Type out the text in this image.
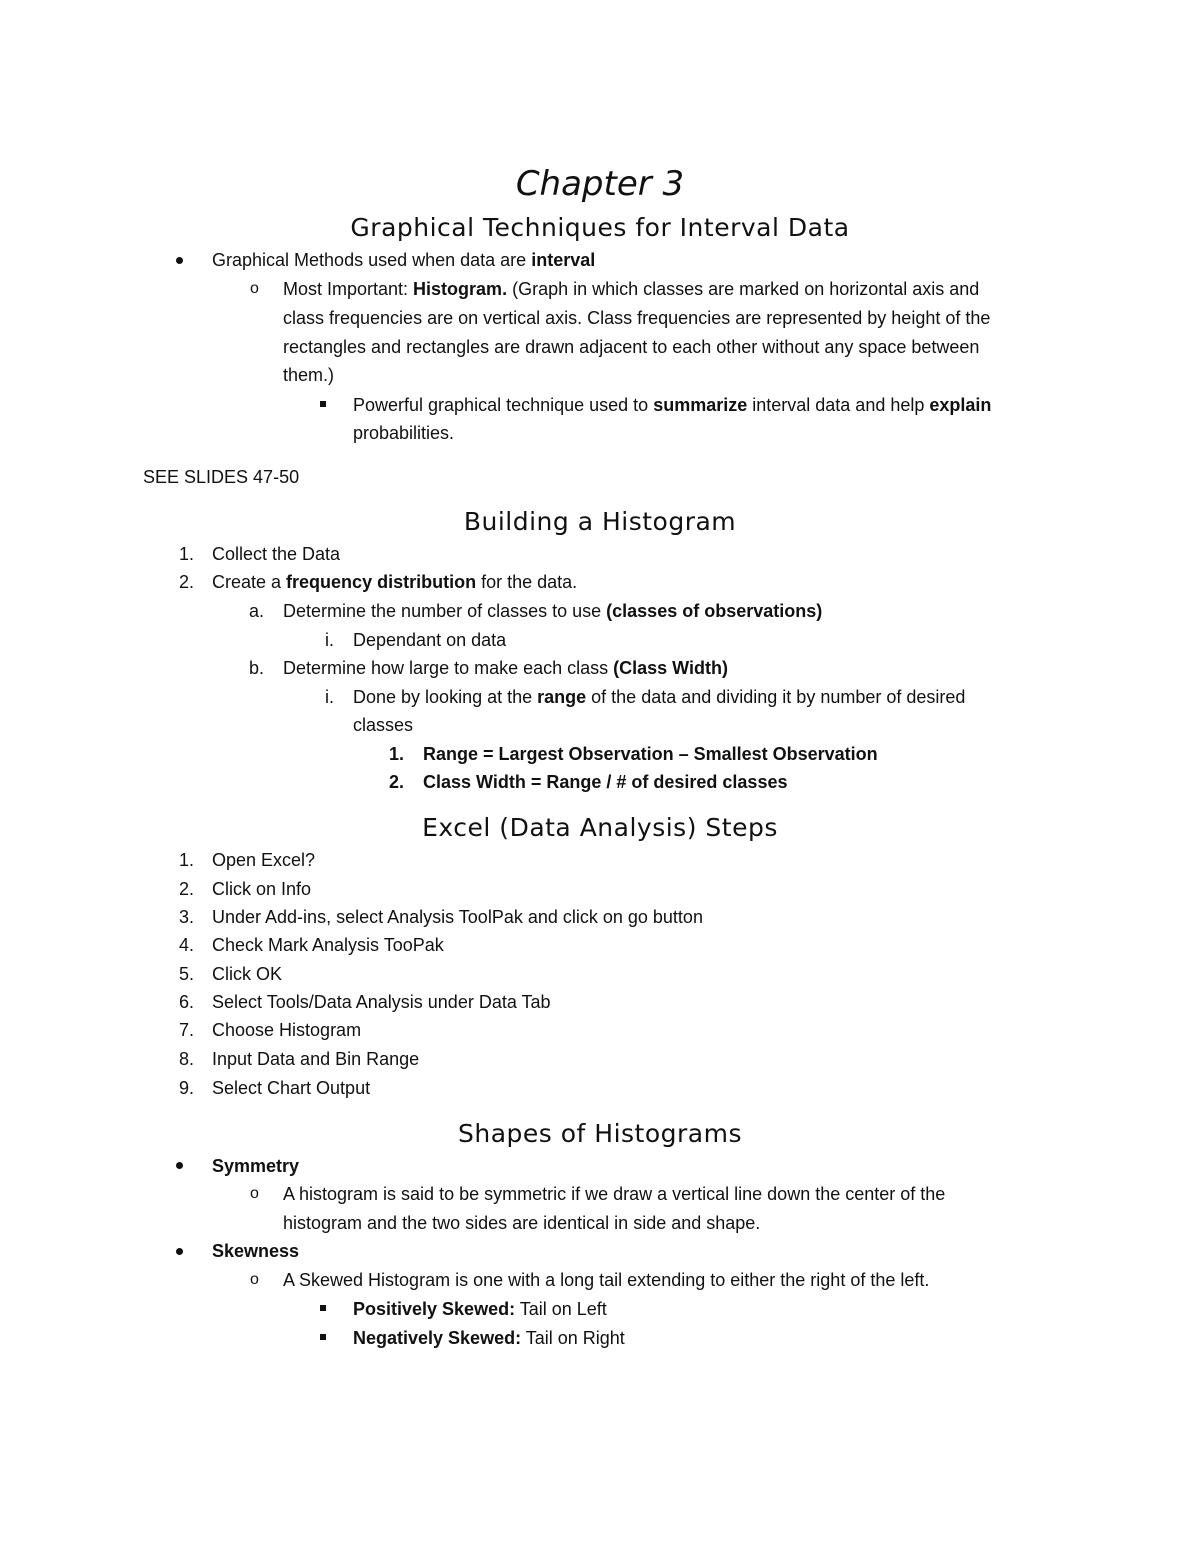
Chapter 3
Graphical Techniques for Interval Data
Graphical Methods used when data are interval
o Most Important: Histogram. (Graph in which classes are marked on horizontal axis and
class frequencies are on vertical axis. Class frequencies are represented by height of the
rectangles and rectangles are drawn adjacent to each other without any space between
them.)
Powerful graphical technique used to summarize interval data and help explain
probabilities.
SEE SLIDES 47-50
Building a Histogram
1. Collect the Data
2. Create a frequency distribution for the data.
a. Determine the number of classes to use (classes of observations)
i. Dependant on data
b. Determine how large to make each class (Class Width)
i. Done by looking at the range of the data and dividing it by number of desired
classes
1. Range = Largest Observation – Smallest Observation
2. Class Width = Range / # of desired classes
Excel (Data Analysis) Steps
1. Open Excel?
2. Click on Info
3. Under Add-ins, select Analysis ToolPak and click on go button
4. Check Mark Analysis TooPak
5. Click OK
6. Select Tools/Data Analysis under Data Tab
7. Choose Histogram
8. Input Data and Bin Range
9. Select Chart Output
Shapes of Histograms
Symmetry
o A histogram is said to be symmetric if we draw a vertical line down the center of the
histogram and the two sides are identical in side and shape.
Skewness
o A Skewed Histogram is one with a long tail extending to either the right of the left.
Positively Skewed: Tail on Left
Negatively Skewed: Tail on Right
